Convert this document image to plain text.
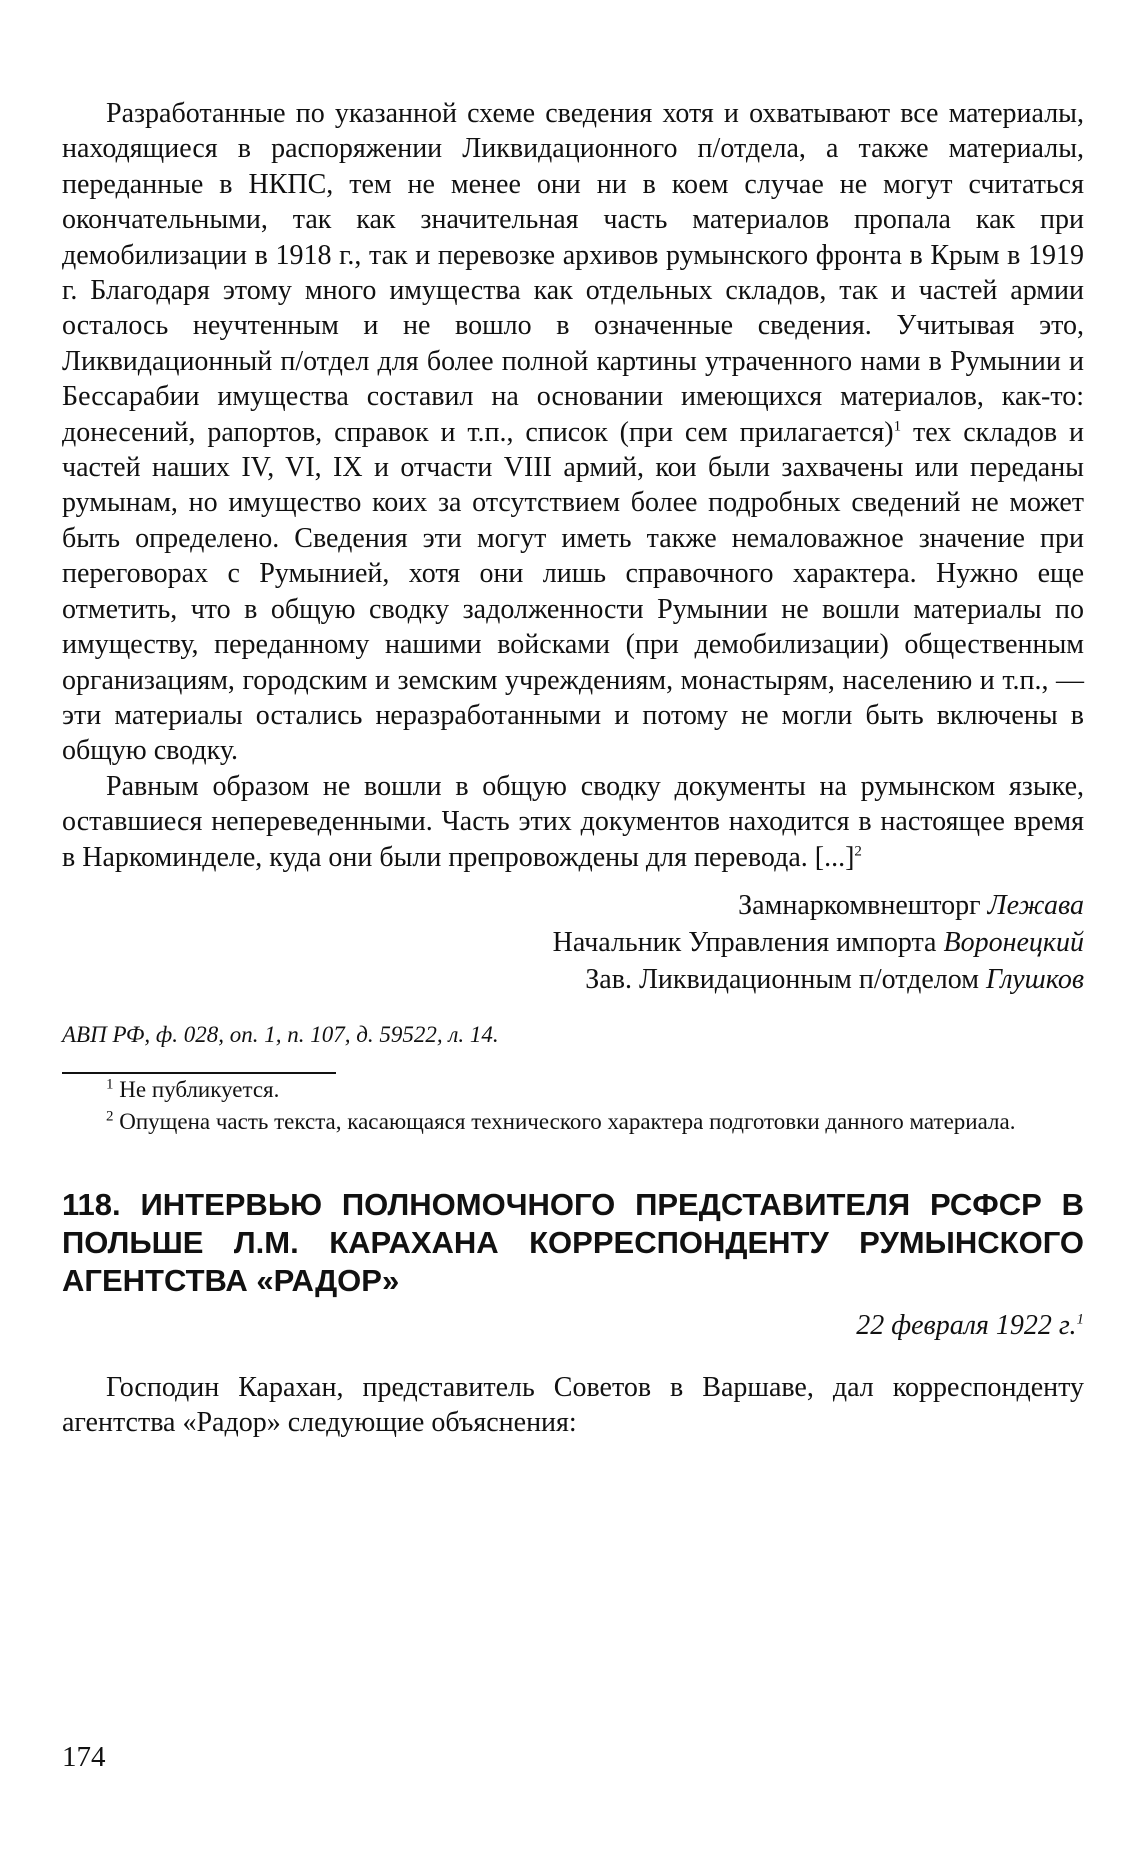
Разработанные по указанной схеме сведения хотя и охватывают все материалы, находящиеся в распоряжении Ликвидационного п/отдела, а также материалы, переданные в НКПС, тем не менее они ни в коем случае не могут считаться окончательными, так как значительная часть материалов пропала как при демобилизации в 1918 г., так и перевозке архивов румынского фронта в Крым в 1919 г. Благодаря этому много имущества как отдельных складов, так и частей армии осталось неучтенным и не вошло в означенные сведения. Учитывая это, Ликвидационный п/отдел для более полной картины утраченного нами в Румынии и Бессарабии имущества составил на основании имеющихся материалов, как-то: донесений, рапортов, справок и т.п., список (при сем прилагается)$^1$ тех складов и частей наших IV, VI, IX и отчасти VIII армий, кои были захвачены или переданы румынам, но имущество коих за отсутствием более подробных сведений не может быть определено. Сведения эти могут иметь также немаловажное значение при переговорах с Румынией, хотя они лишь справочного характера. Нужно еще отметить, что в общую сводку задолженности Румынии не вошли материалы по имуществу, переданному нашими войсками (при демобилизации) общественным организациям, городским и земским учреждениям, монастырям, населению и т.п., — эти материалы остались неразработанными и потому не могли быть включены в общую сводку.

Равным образом не вошли в общую сводку документы на румынском языке, оставшиеся непереведенными. Часть этих документов находится в настоящее время в Наркоминделе, куда они были препровождены для перевода. [...]$^2$

Замнаркомвнешторг Лежава
Начальник Управления импорта Воронецкий
Зав. Ликвидационным п/отделом Глушков
АВП РФ, ф. 028, оп. 1, п. 107, д. 59522, л. 14.

$^1$ Не публикуется.

$^2$ Опущена часть текста, касающаяся технического характера подготовки данного материала.

118. ИНТЕРВЬЮ ПОЛНОМОЧНОГО ПРЕДСТАВИТЕЛЯ РСФСР В ПОЛЬШЕ Л.М. КАРАХАНА КОРРЕСПОНДЕНТУ РУМЫНСКОГО АГЕНТСТВА «РАДОР»
22 февраля 1922 г.$^1$

Господин Карахан, представитель Советов в Варшаве, дал корреспонденту агентства «Радор» следующие объяснения:

174
